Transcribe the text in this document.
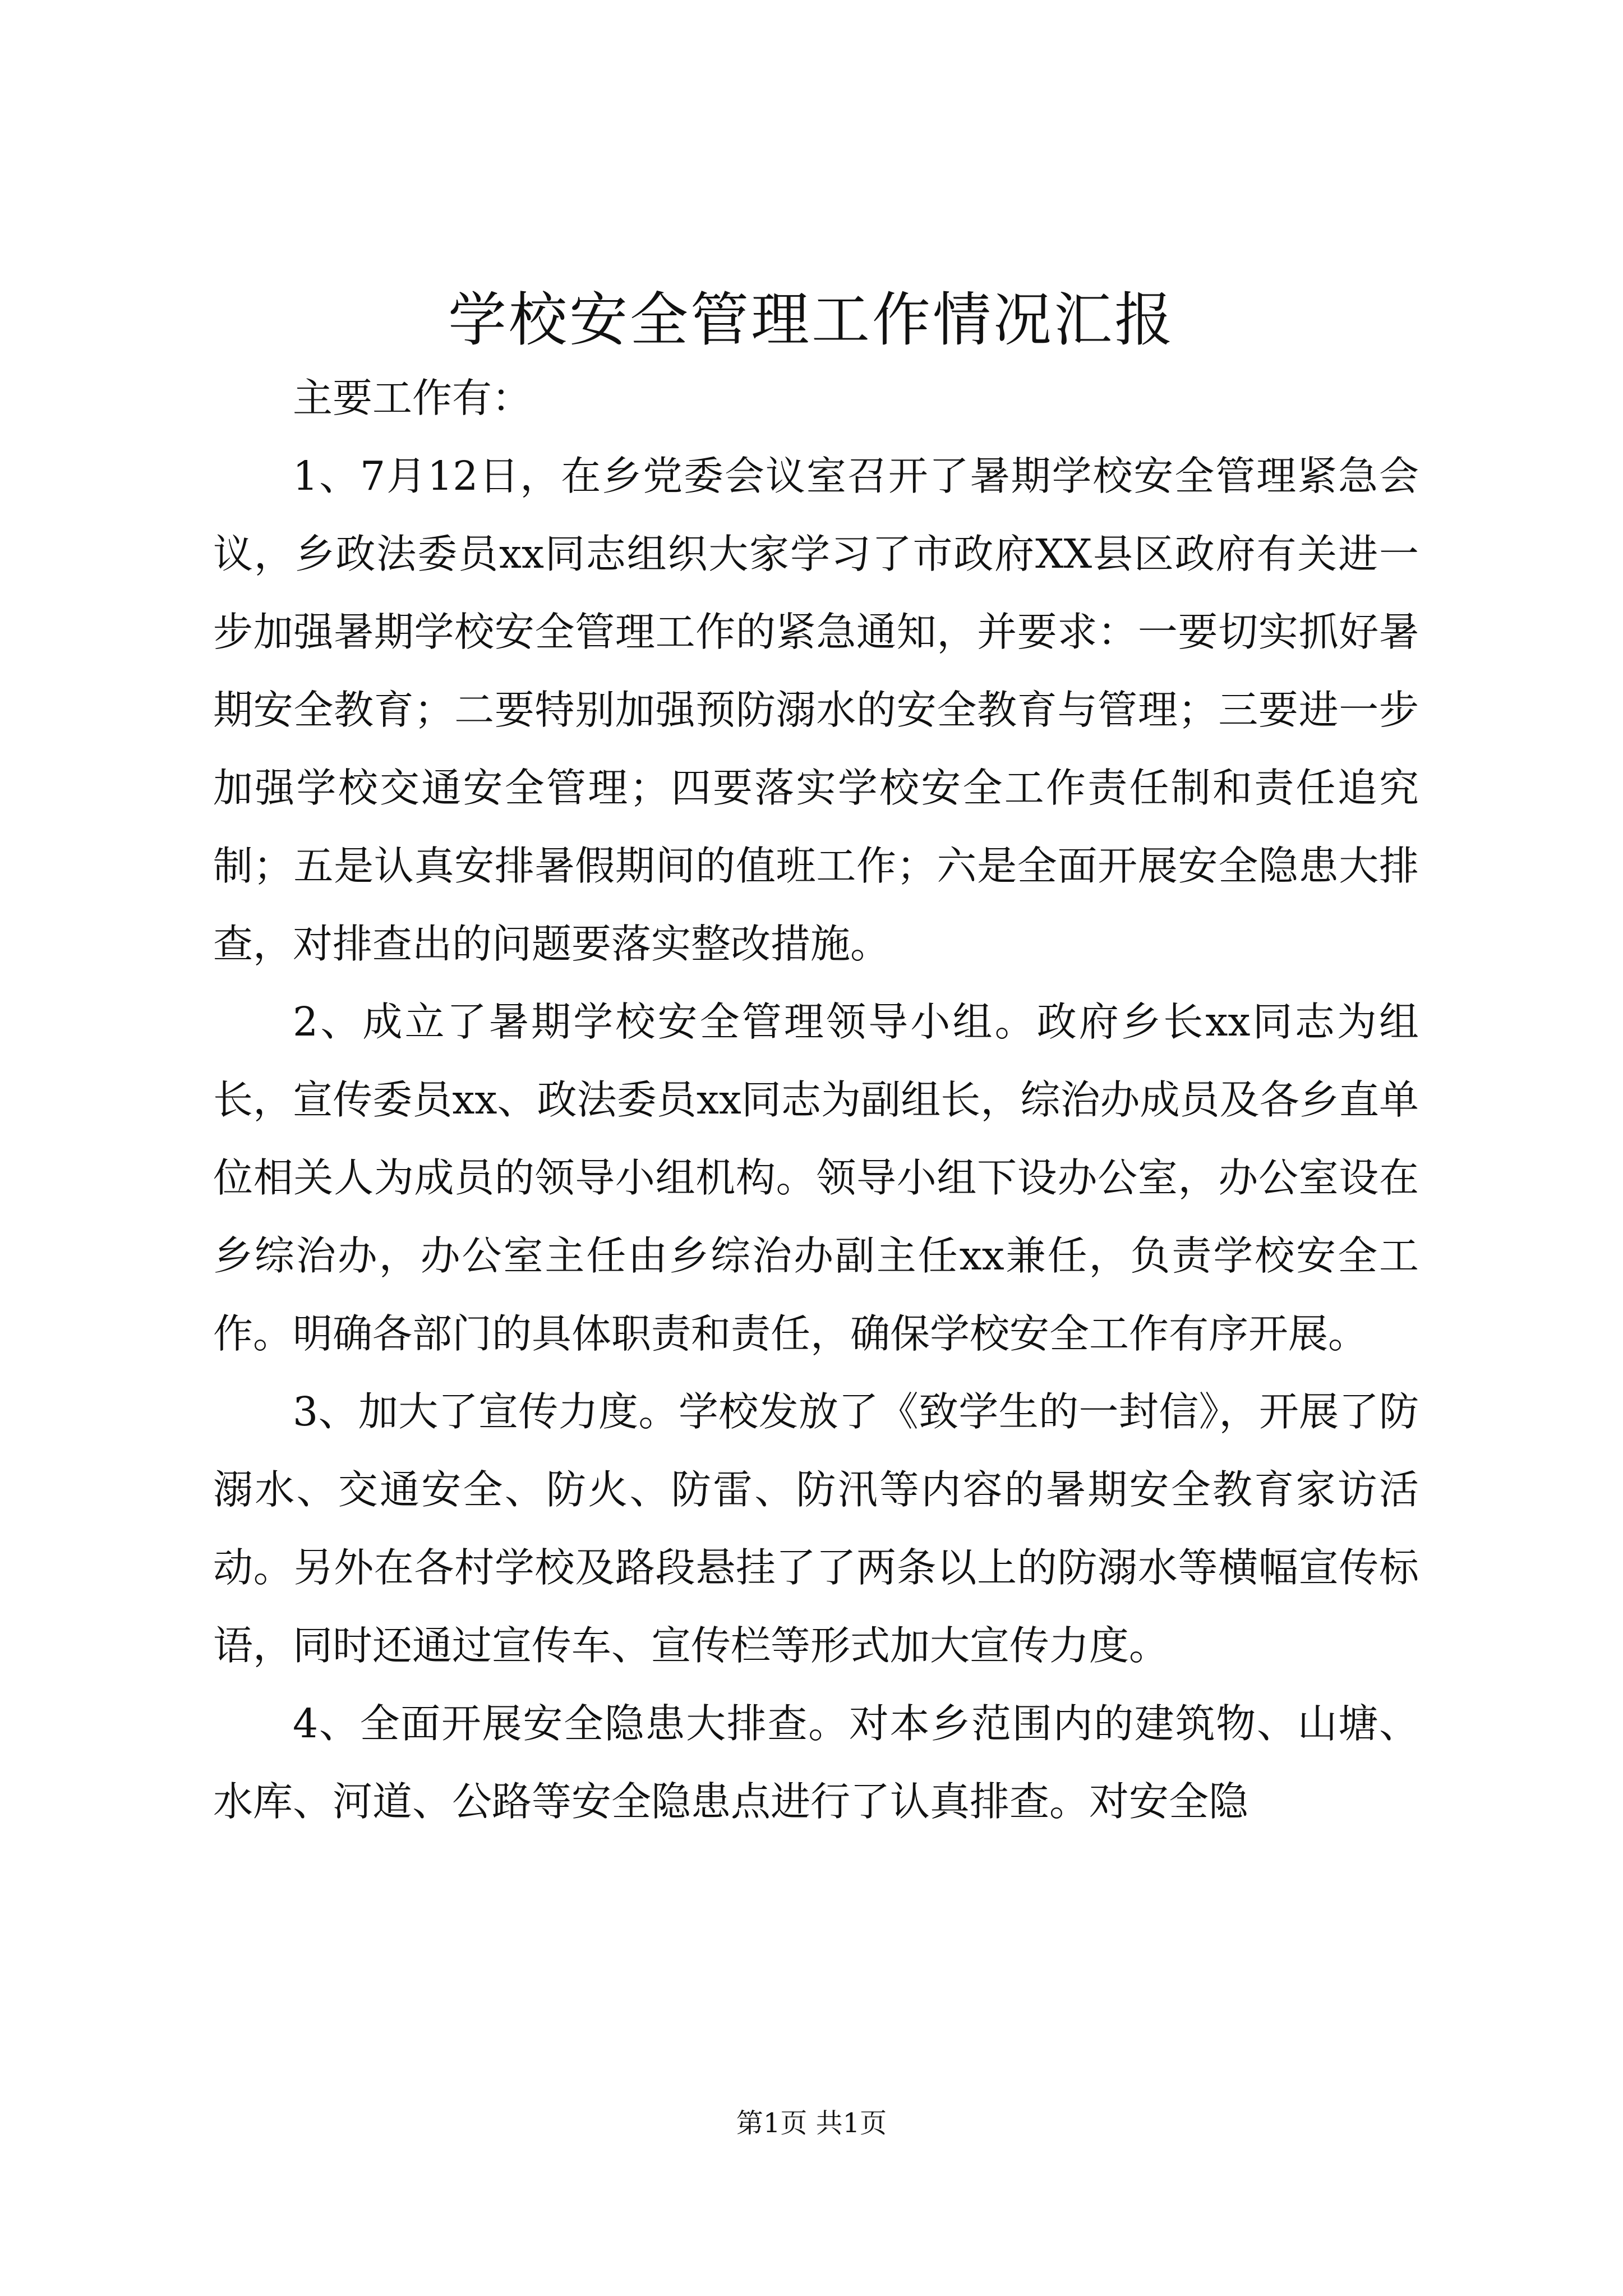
学校安全管理工作情况汇报

主要工作有：

1、7月12日，在乡党委会议室召开了暑期学校安全管理紧急会议，乡政法委员xx同志组织大家学习了市政府XX县区政府有关进一步加强暑期学校安全管理工作的紧急通知，并要求：一要切实抓好暑期安全教育；二要特别加强预防溺水的安全教育与管理；三要进一步加强学校交通安全管理；四要落实学校安全工作责任制和责任追究制；五是认真安排暑假期间的值班工作；六是全面开展安全隐患大排查，对排查出的问题要落实整改措施。

2、成立了暑期学校安全管理领导小组。政府乡长xx同志为组长，宣传委员xx、政法委员xx同志为副组长，综治办成员及各乡直单位相关人为成员的领导小组机构。领导小组下设办公室，办公室设在乡综治办，办公室主任由乡综治办副主任xx兼任，负责学校安全工作。明确各部门的具体职责和责任，确保学校安全工作有序开展。

3、加大了宣传力度。学校发放了《致学生的一封信》，开展了防溺水、交通安全、防火、防雷、防汛等内容的暑期安全教育家访活动。另外在各村学校及路段悬挂了了两条以上的防溺水等横幅宣传标语，同时还通过宣传车、宣传栏等形式加大宣传力度。

4、全面开展安全隐患大排查。对本乡范围内的建筑物、山塘、水库、河道、公路等安全隐患点进行了认真排查。对安全隐

第1页 共1页
